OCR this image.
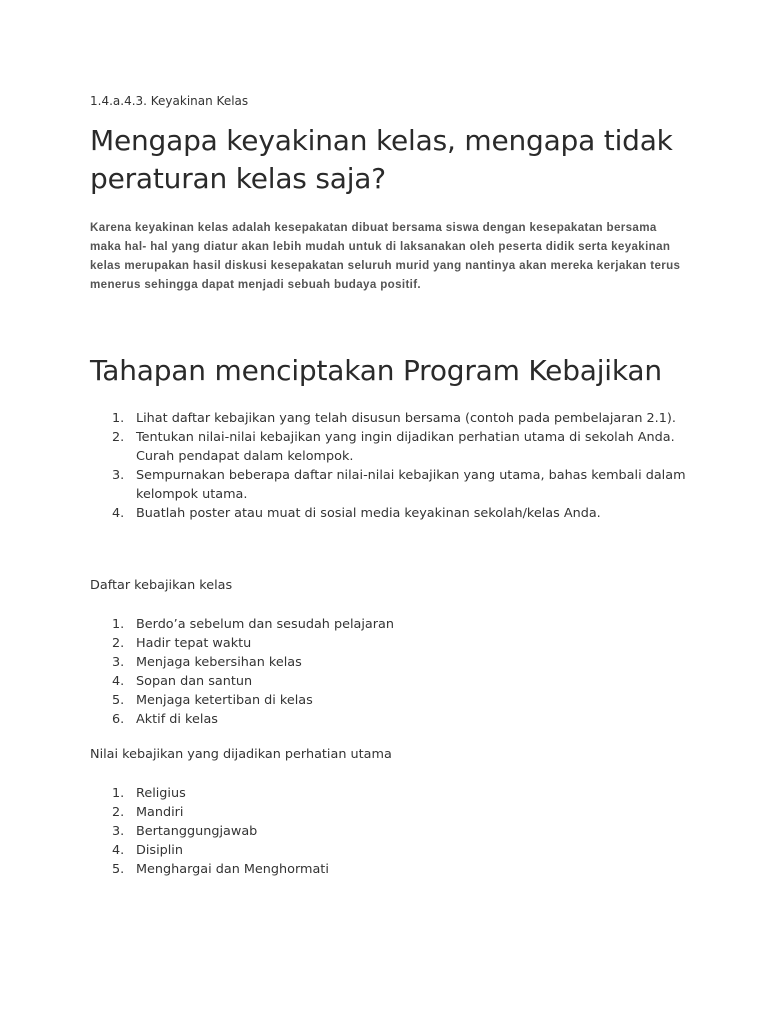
1.4.a.4.3. Keyakinan Kelas
Mengapa keyakinan kelas, mengapa tidak peraturan kelas saja?

Karena keyakinan kelas adalah kesepakatan dibuat bersama siswa dengan kesepakatan bersama maka hal- hal yang diatur akan lebih mudah untuk di laksanakan oleh peserta didik serta keyakinan kelas merupakan hasil diskusi kesepakatan seluruh murid yang nantinya akan mereka kerjakan terus menerus sehingga dapat menjadi sebuah budaya positif.

Tahapan menciptakan Program Kebajikan
1. Lihat daftar kebajikan yang telah disusun bersama (contoh pada pembelajaran 2.1).
2. Tentukan nilai-nilai kebajikan yang ingin dijadikan perhatian utama di sekolah Anda. Curah pendapat dalam kelompok.
3. Sempurnakan beberapa daftar nilai-nilai kebajikan yang utama, bahas kembali dalam kelompok utama.
4. Buatlah poster atau muat di sosial media keyakinan sekolah/kelas Anda.
Daftar kebajikan kelas
1. Berdo’a sebelum dan sesudah pelajaran
2. Hadir tepat waktu
3. Menjaga kebersihan kelas
4. Sopan dan santun
5. Menjaga ketertiban di kelas
6. Aktif di kelas
Nilai kebajikan yang dijadikan perhatian utama
1. Religius
2. Mandiri
3. Bertanggungjawab
4. Disiplin
5. Menghargai dan Menghormati
